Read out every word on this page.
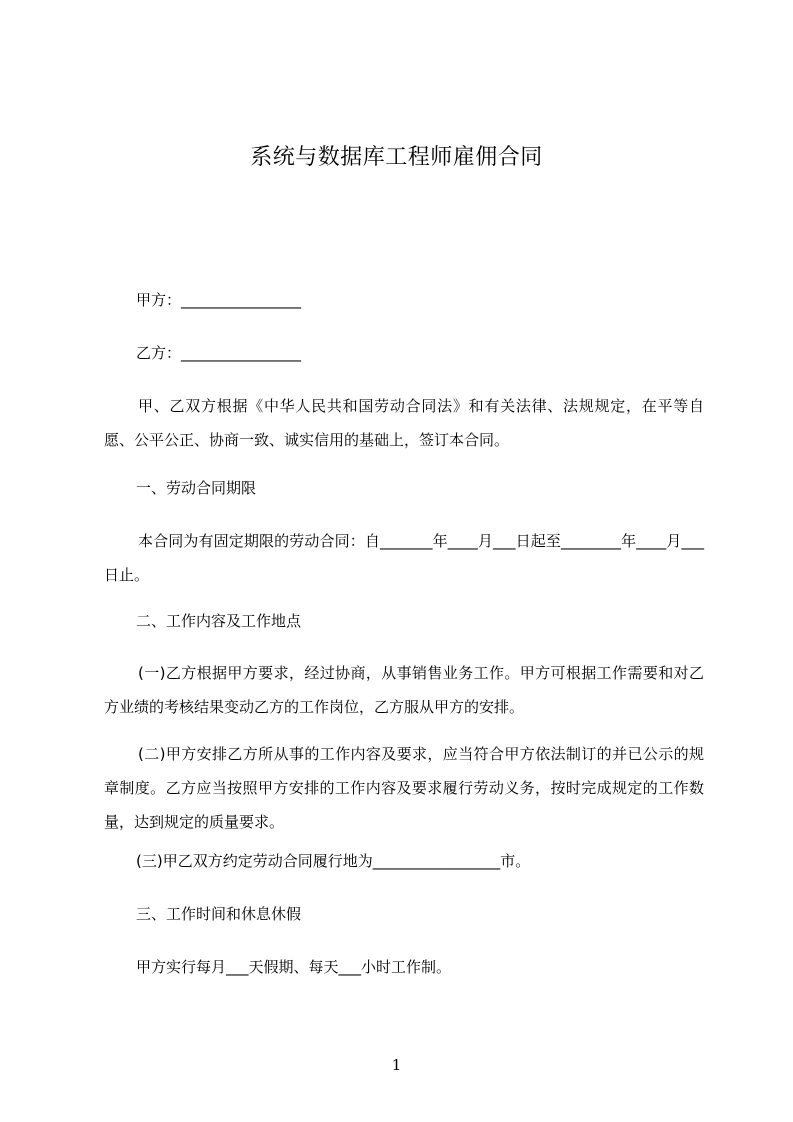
系统与数据库工程师雇佣合同
甲方：________________
乙方：________________
甲、乙双方根据《中华人民共和国劳动合同法》和有关法律、法规规定，在平等自愿、公平公正、协商一致、诚实信用的基础上，签订本合同。
一、劳动合同期限
本合同为有固定期限的劳动合同：自_______年____月___日起至________年____月___日止。
二、工作内容及工作地点
(一)乙方根据甲方要求，经过协商，从事销售业务工作。甲方可根据工作需要和对乙方业绩的考核结果变动乙方的工作岗位，乙方服从甲方的安排。
(二)甲方安排乙方所从事的工作内容及要求，应当符合甲方依法制订的并已公示的规章制度。乙方应当按照甲方安排的工作内容及要求履行劳动义务，按时完成规定的工作数量，达到规定的质量要求。
(三)甲乙双方约定劳动合同履行地为_________________市。
三、工作时间和休息休假
甲方实行每月___天假期、每天___小时工作制。
1
